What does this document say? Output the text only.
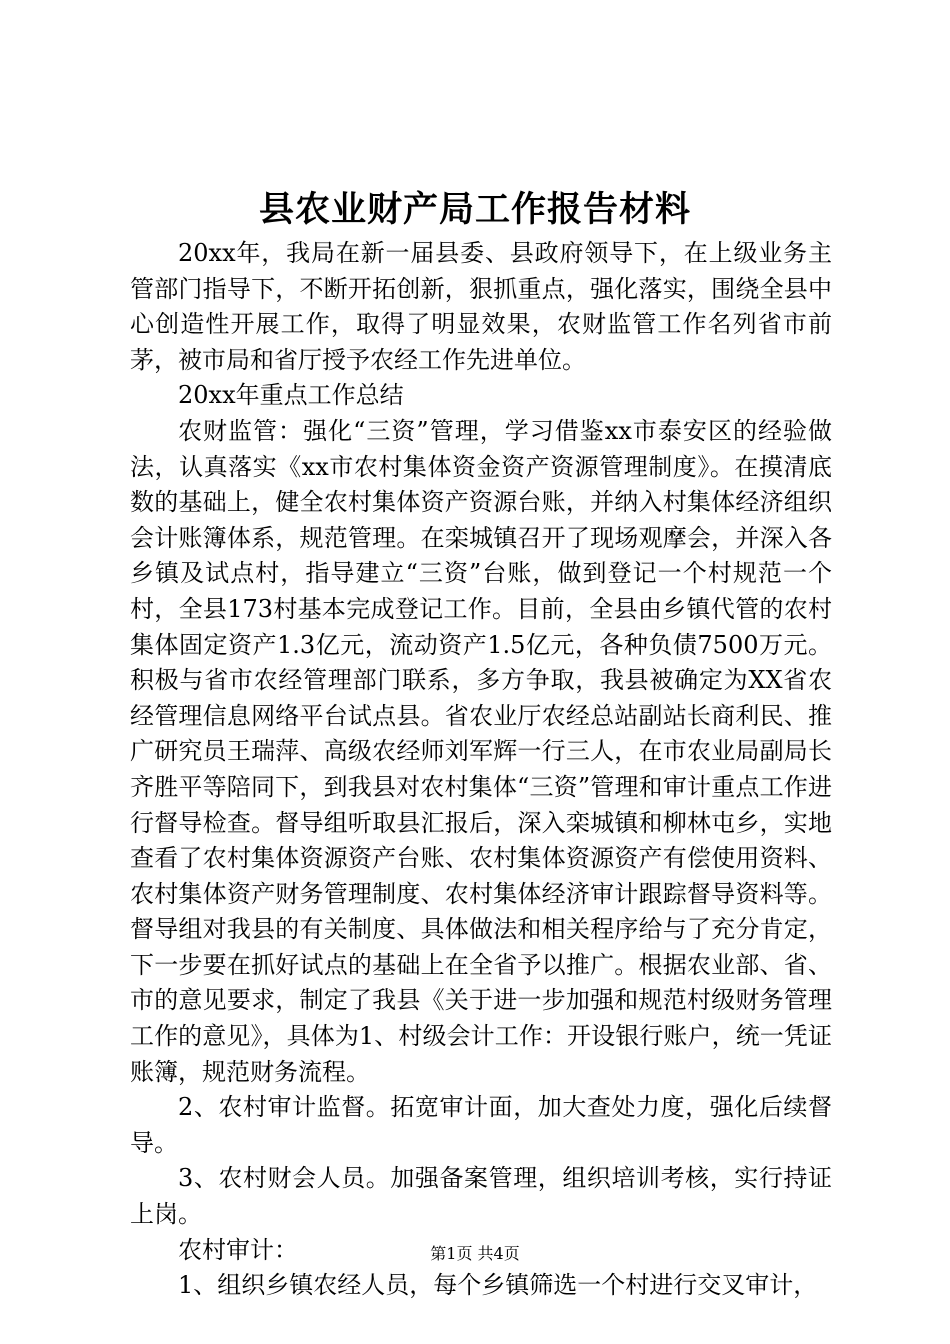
县农业财产局工作报告材料

20xx年，我局在新一届县委、县政府领导下，在上级业务主管部门指导下，不断开拓创新，狠抓重点，强化落实，围绕全县中心创造性开展工作，取得了明显效果，农财监管工作名列省市前茅，被市局和省厅授予农经工作先进单位。

20xx年重点工作总结

农财监管：强化“三资”管理，学习借鉴xx市泰安区的经验做法，认真落实《xx市农村集体资金资产资源管理制度》。在摸清底数的基础上，健全农村集体资产资源台账，并纳入村集体经济组织会计账簿体系，规范管理。在栾城镇召开了现场观摩会，并深入各乡镇及试点村，指导建立“三资”台账，做到登记一个村规范一个村，全县173村基本完成登记工作。目前，全县由乡镇代管的农村集体固定资产1.3亿元，流动资产1.5亿元，各种负债7500万元。积极与省市农经管理部门联系，多方争取，我县被确定为XX省农经管理信息网络平台试点县。省农业厅农经总站副站长商利民、推广研究员王瑞萍、高级农经师刘军辉一行三人，在市农业局副局长齐胜平等陪同下，到我县对农村集体“三资”管理和审计重点工作进行督导检查。督导组听取县汇报后，深入栾城镇和柳林屯乡，实地查看了农村集体资源资产台账、农村集体资源资产有偿使用资料、农村集体资产财务管理制度、农村集体经济审计跟踪督导资料等。督导组对我县的有关制度、具体做法和相关程序给与了充分肯定，下一步要在抓好试点的基础上在全省予以推广。根据农业部、省、市的意见要求，制定了我县《关于进一步加强和规范村级财务管理工作的意见》，具体为1、村级会计工作：开设银行账户，统一凭证账簿，规范财务流程。

2、农村审计监督。拓宽审计面，加大查处力度，强化后续督导。

3、农村财会人员。加强备案管理，组织培训考核，实行持证上岗。

农村审计：

1、组织乡镇农经人员，每个乡镇筛选一个村进行交叉审计，

第1页 共4页
